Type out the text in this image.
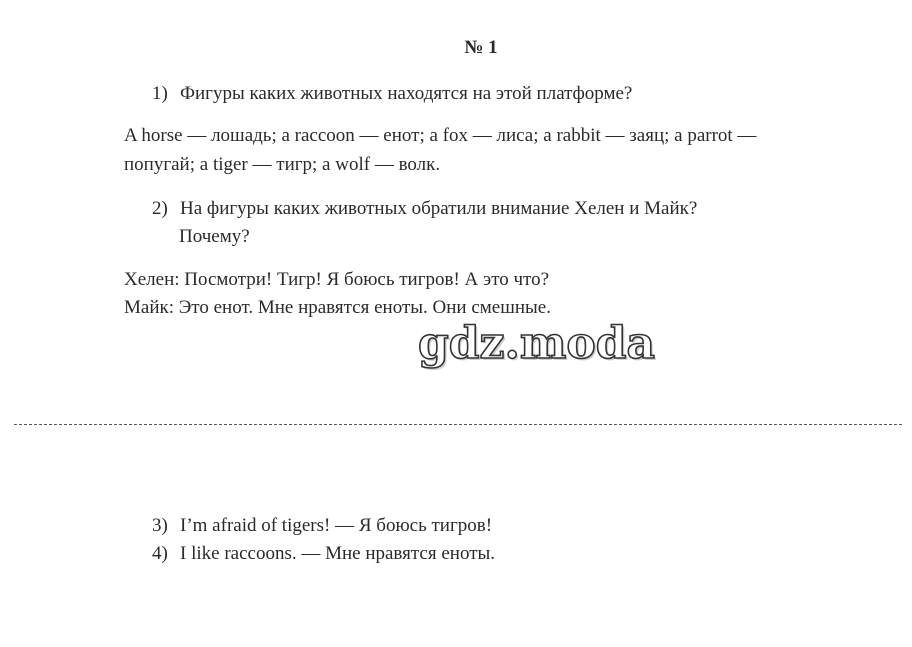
№ 1
1) Фигуры каких животных находятся на этой платформе?
A horse — лошадь; a raccoon — енот; a fox — лиса; a rabbit — заяц; a parrot —
попугай; a tiger — тигр; a wolf — волк.
2) На фигуры каких животных обратили внимание Хелен и Майк?
Почему?
Хелен: Посмотри! Тигр! Я боюсь тигров! А это что?
Майк: Это енот. Мне нравятся еноты. Они смешные.
gdz.moda
3) I’m afraid of tigers! — Я боюсь тигров!
4) I like raccoons. — Мне нравятся еноты.
